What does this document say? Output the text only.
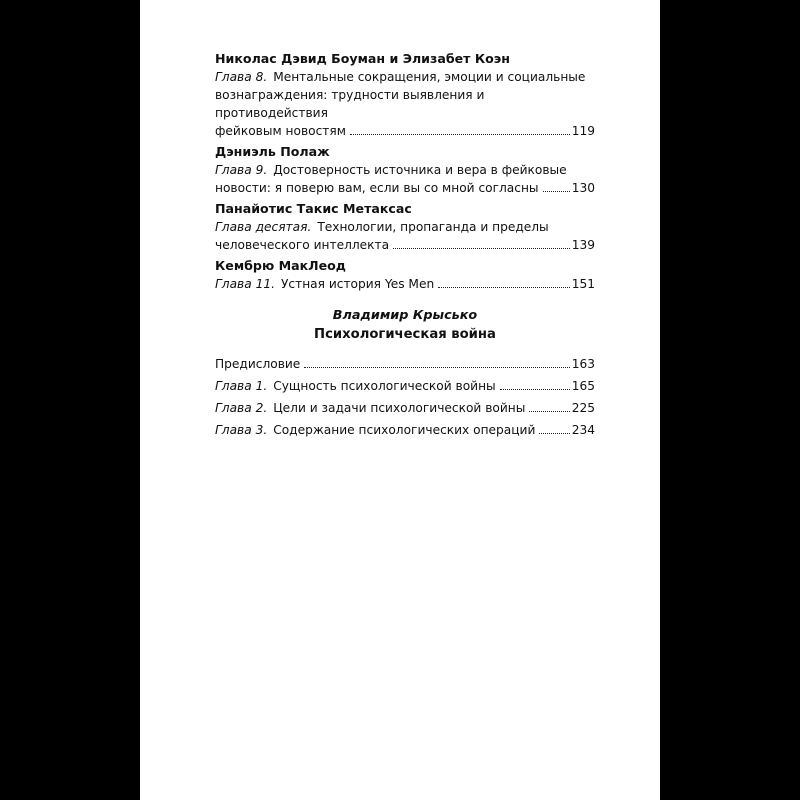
Николас Дэвид Боуман и Элизабет Коэн
Глава 8. Ментальные сокращения, эмоции и социальные
вознаграждения: трудности выявления и противодействия
фейковым новостям	119
Дэниэль Полаж
Глава 9. Достоверность источника и вера в фейковые
новости: я поверю вам, если вы со мной согласны	130
Панайотис Такис Метаксас
Глава десятая. Технологии, пропаганда и пределы
человеческого интеллекта	139
Кембрю МакЛеод
Глава 11. Устная история Yes Men	151
Владимир Крысько
Психологическая война
Предисловие	163
Глава 1. Сущность психологической войны	165
Глава 2. Цели и задачи психологической войны	225
Глава 3. Содержание психологических операций	234
